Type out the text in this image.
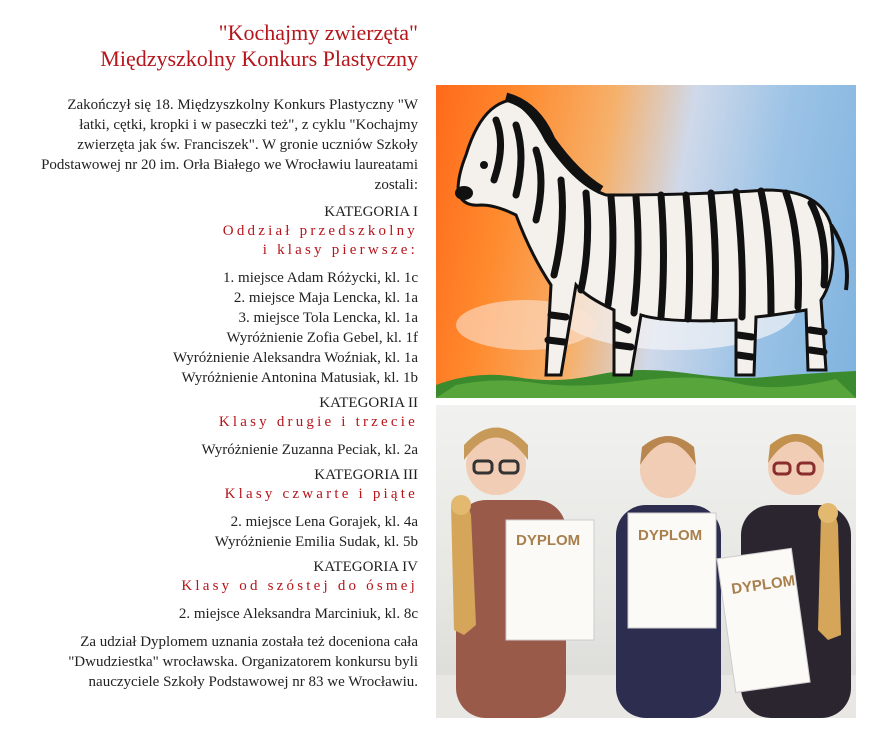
"Kochajmy zwierzęta"
Międzyszkolny Konkurs Plastyczny
Zakończył się 18. Międzyszkolny Konkurs Plastyczny "W łatki, cętki, kropki i w paseczki też", z cyklu "Kochajmy zwierzęta jak św. Franciszek". W gronie uczniów Szkoły Podstawowej nr 20 im. Orła Białego we Wrocławiu laureatami zostali:
KATEGORIA I
Oddział przedszkolny
i klasy pierwsze:
1. miejsce Adam Różycki, kl. 1c
2. miejsce Maja Lencka, kl. 1a
3. miejsce Tola Lencka, kl. 1a
Wyróżnienie Zofia Gebel, kl. 1f
Wyróżnienie Aleksandra Woźniak, kl. 1a
Wyróżnienie Antonina Matusiak, kl. 1b
KATEGORIA II
Klasy drugie i trzecie
Wyróżnienie Zuzanna Peciak, kl. 2a
KATEGORIA III
Klasy czwarte i piąte
2. miejsce Lena Gorajek, kl. 4a
Wyróżnienie Emilia Sudak, kl. 5b
KATEGORIA IV
Klasy od szóstej do ósmej
2. miejsce Aleksandra Marciniuk, kl. 8c
Za udział Dyplomem uznania została też doceniona cała "Dwudziestka" wrocławska. Organizatorem konkursu byli nauczyciele Szkoły Podstawowej nr 83 we Wrocławiu.
DYPLOM	DYPLOM
DYPLOM
